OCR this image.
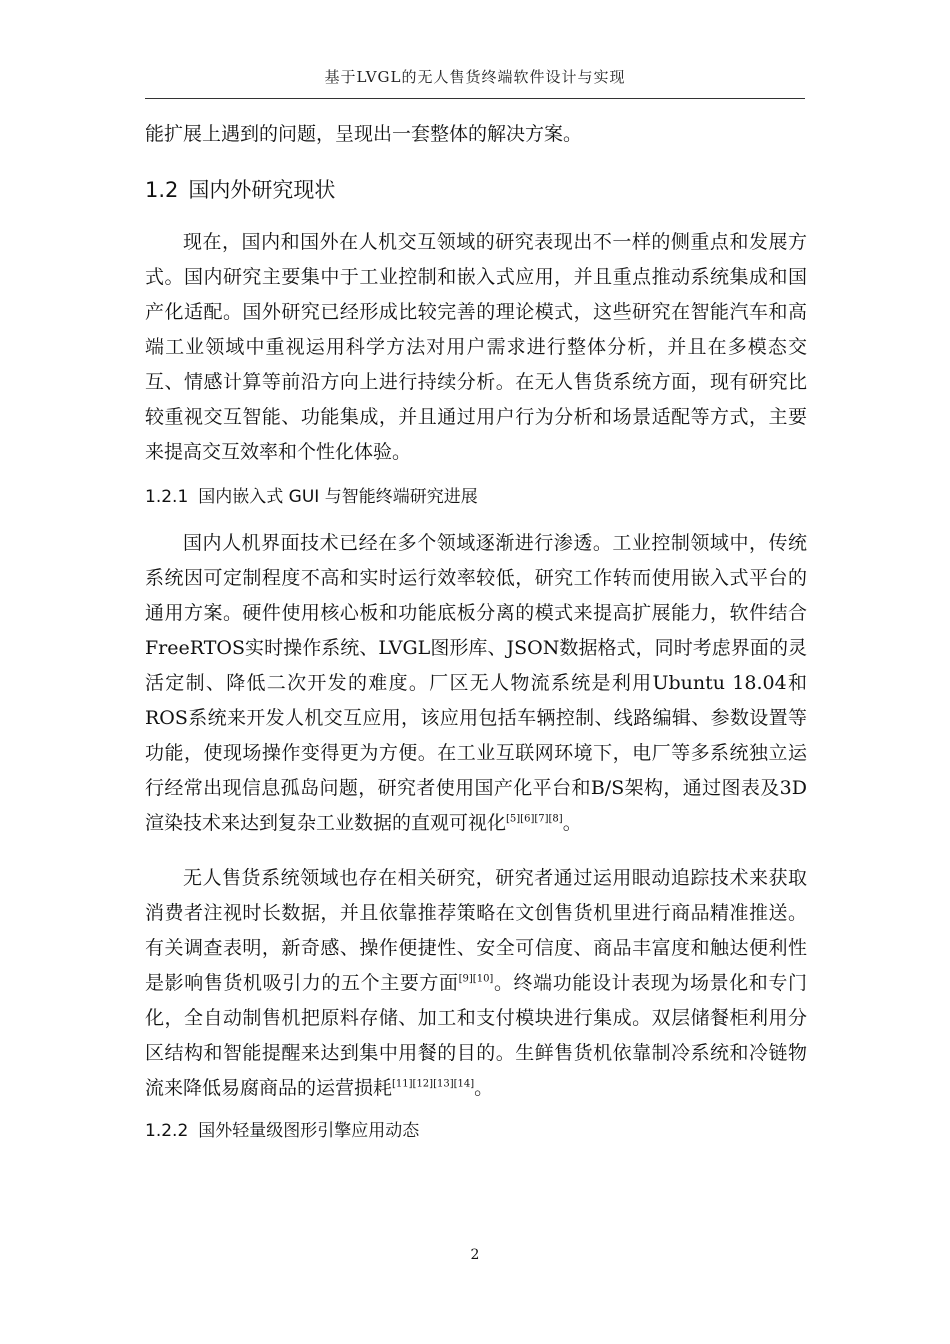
基于LVGL的无人售货终端软件设计与实现

能扩展上遇到的问题，呈现出一套整体的解决方案。

1.2 国内外研究现状

现在，国内和国外在人机交互领域的研究表现出不一样的侧重点和发展方式。国内研究主要集中于工业控制和嵌入式应用，并且重点推动系统集成和国产化适配。国外研究已经形成比较完善的理论模式，这些研究在智能汽车和高端工业领域中重视运用科学方法对用户需求进行整体分析，并且在多模态交互、情感计算等前沿方向上进行持续分析。在无人售货系统方面，现有研究比较重视交互智能、功能集成，并且通过用户行为分析和场景适配等方式，主要来提高交互效率和个性化体验。

1.2.1 国内嵌入式 GUI 与智能终端研究进展

国内人机界面技术已经在多个领域逐渐进行渗透。工业控制领域中，传统系统因可定制程度不高和实时运行效率较低，研究工作转而使用嵌入式平台的通用方案。硬件使用核心板和功能底板分离的模式来提高扩展能力，软件结合FreeRTOS实时操作系统、LVGL图形库、JSON数据格式，同时考虑界面的灵活定制、降低二次开发的难度。厂区无人物流系统是利用Ubuntu 18.04和ROS系统来开发人机交互应用，该应用包括车辆控制、线路编辑、参数设置等功能，使现场操作变得更为方便。在工业互联网环境下，电厂等多系统独立运行经常出现信息孤岛问题，研究者使用国产化平台和B/S架构，通过图表及3D渲染技术来达到复杂工业数据的直观可视化[5][6][7][8]。

无人售货系统领域也存在相关研究，研究者通过运用眼动追踪技术来获取消费者注视时长数据，并且依靠推荐策略在文创售货机里进行商品精准推送。有关调查表明，新奇感、操作便捷性、安全可信度、商品丰富度和触达便利性是影响售货机吸引力的五个主要方面[9][10]。终端功能设计表现为场景化和专门化，全自动制售机把原料存储、加工和支付模块进行集成。双层储餐柜利用分区结构和智能提醒来达到集中用餐的目的。生鲜售货机依靠制冷系统和冷链物流来降低易腐商品的运营损耗[11][12][13][14]。

1.2.2 国外轻量级图形引擎应用动态
2
